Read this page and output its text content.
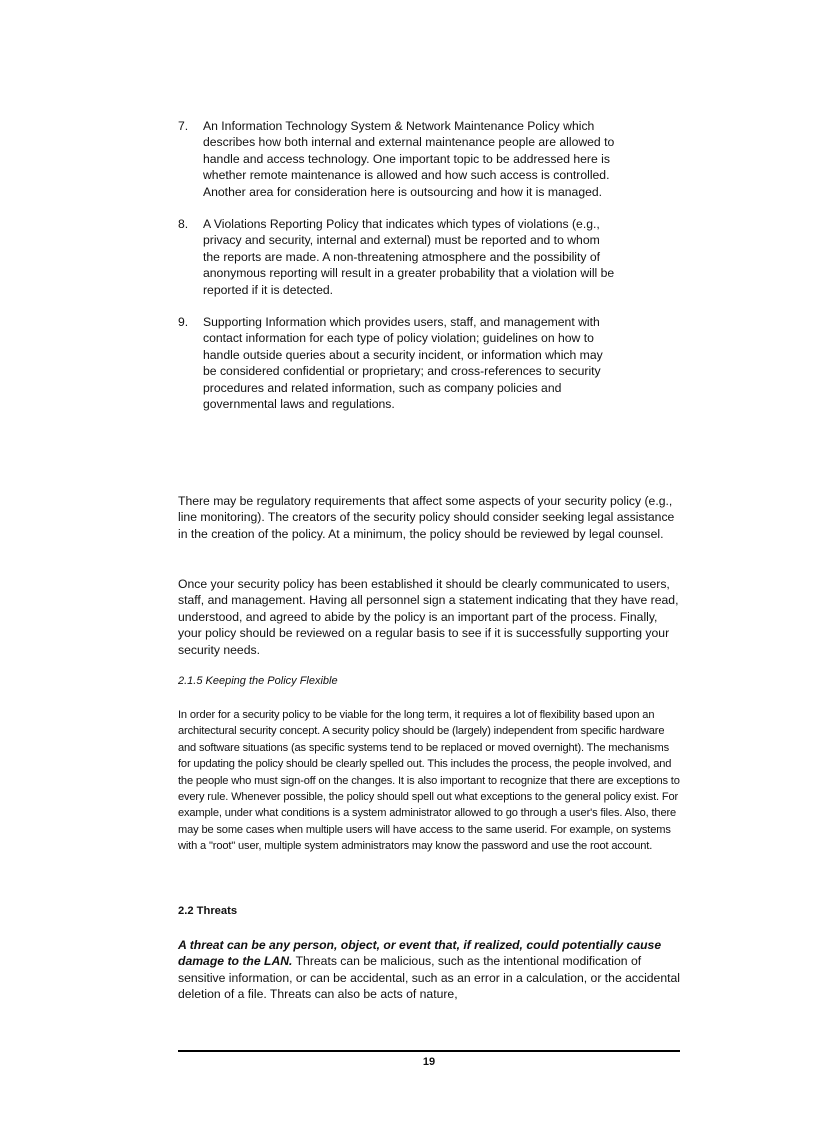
7. An Information Technology System & Network Maintenance Policy which describes how both internal and external maintenance people are allowed to handle and access technology. One important topic to be addressed here is whether remote maintenance is allowed and how such access is controlled. Another area for consideration here is outsourcing and how it is managed.
8. A Violations Reporting Policy that indicates which types of violations (e.g., privacy and security, internal and external) must be reported and to whom the reports are made. A non-threatening atmosphere and the possibility of anonymous reporting will result in a greater probability that a violation will be reported if it is detected.
9. Supporting Information which provides users, staff, and management with contact information for each type of policy violation; guidelines on how to handle outside queries about a security incident, or information which may be considered confidential or proprietary; and cross-references to security procedures and related information, such as company policies and governmental laws and regulations.

There may be regulatory requirements that affect some aspects of your security policy (e.g., line monitoring). The creators of the security policy should consider seeking legal assistance in the creation of the policy. At a minimum, the policy should be reviewed by legal counsel.

Once your security policy has been established it should be clearly communicated to users, staff, and management. Having all personnel sign a statement indicating that they have read, understood, and agreed to abide by the policy is an important part of the process. Finally, your policy should be reviewed on a regular basis to see if it is successfully supporting your security needs.

2.1.5 Keeping the Policy Flexible

In order for a security policy to be viable for the long term, it requires a lot of flexibility based upon an architectural security concept. A security policy should be (largely) independent from specific hardware and software situations (as specific systems tend to be replaced or moved overnight). The mechanisms for updating the policy should be clearly spelled out. This includes the process, the people involved, and the people who must sign-off on the changes. It is also important to recognize that there are exceptions to every rule. Whenever possible, the policy should spell out what exceptions to the general policy exist. For example, under what conditions is a system administrator allowed to go through a user's files. Also, there may be some cases when multiple users will have access to the same userid. For example, on systems with a "root" user, multiple system administrators may know the password and use the root account.

2.2 Threats

A threat can be any person, object, or event that, if realized, could potentially cause damage to the LAN. Threats can be malicious, such as the intentional modification of sensitive information, or can be accidental, such as an error in a calculation, or the accidental deletion of a file. Threats can also be acts of nature,

19
